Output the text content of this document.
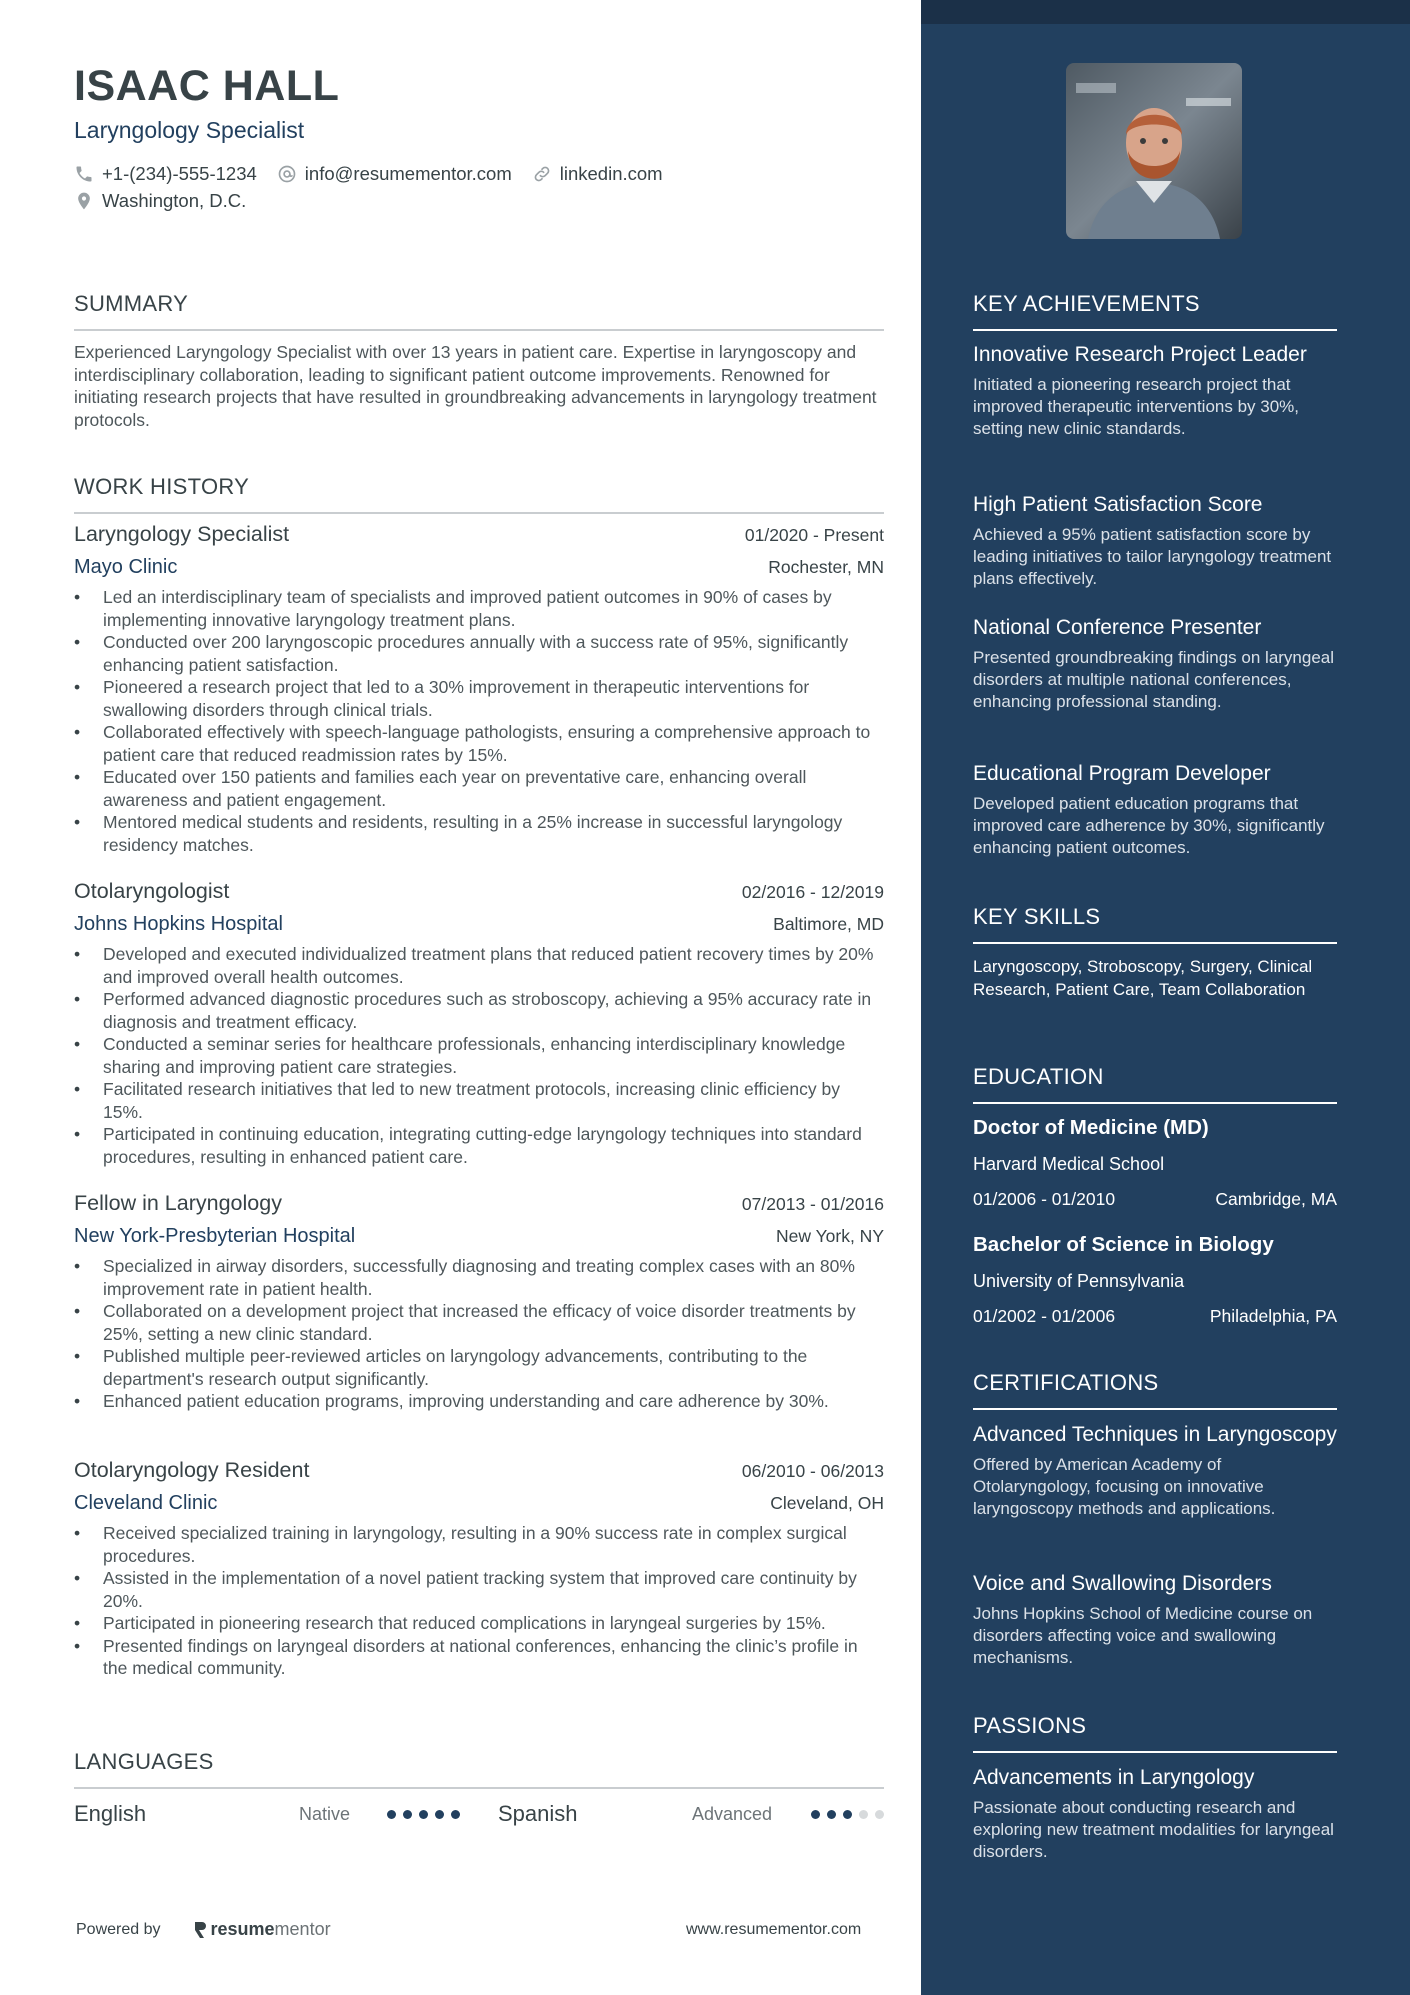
ISAAC HALL
Laryngology Specialist
+1-(234)-555-1234	info@resumementor.com	linkedin.com
Washington, D.C.
SUMMARY
Experienced Laryngology Specialist with over 13 years in patient care. Expertise in laryngoscopy and interdisciplinary collaboration, leading to significant patient outcome improvements. Renowned for initiating research projects that have resulted in groundbreaking advancements in laryngology treatment protocols.
WORK HISTORY
Laryngology Specialist	01/2020 - Present
Mayo Clinic	Rochester, MN
• Led an interdisciplinary team of specialists and improved patient outcomes in 90% of cases by implementing innovative laryngology treatment plans.
• Conducted over 200 laryngoscopic procedures annually with a success rate of 95%, significantly enhancing patient satisfaction.
• Pioneered a research project that led to a 30% improvement in therapeutic interventions for swallowing disorders through clinical trials.
• Collaborated effectively with speech-language pathologists, ensuring a comprehensive approach to patient care that reduced readmission rates by 15%.
• Educated over 150 patients and families each year on preventative care, enhancing overall awareness and patient engagement.
• Mentored medical students and residents, resulting in a 25% increase in successful laryngology residency matches.
Otolaryngologist	02/2016 - 12/2019
Johns Hopkins Hospital	Baltimore, MD
• Developed and executed individualized treatment plans that reduced patient recovery times by 20% and improved overall health outcomes.
• Performed advanced diagnostic procedures such as stroboscopy, achieving a 95% accuracy rate in diagnosis and treatment efficacy.
• Conducted a seminar series for healthcare professionals, enhancing interdisciplinary knowledge sharing and improving patient care strategies.
• Facilitated research initiatives that led to new treatment protocols, increasing clinic efficiency by 15%.
• Participated in continuing education, integrating cutting-edge laryngology techniques into standard procedures, resulting in enhanced patient care.
Fellow in Laryngology	07/2013 - 01/2016
New York-Presbyterian Hospital	New York, NY
• Specialized in airway disorders, successfully diagnosing and treating complex cases with an 80% improvement rate in patient health.
• Collaborated on a development project that increased the efficacy of voice disorder treatments by 25%, setting a new clinic standard.
• Published multiple peer-reviewed articles on laryngology advancements, contributing to the department's research output significantly.
• Enhanced patient education programs, improving understanding and care adherence by 30%.
Otolaryngology Resident	06/2010 - 06/2013
Cleveland Clinic	Cleveland, OH
• Received specialized training in laryngology, resulting in a 90% success rate in complex surgical procedures.
• Assisted in the implementation of a novel patient tracking system that improved care continuity by 20%.
• Participated in pioneering research that reduced complications in laryngeal surgeries by 15%.
• Presented findings on laryngeal disorders at national conferences, enhancing the clinic’s profile in the medical community.
LANGUAGES
English	Native	Spanish	Advanced
Powered by	resume mentor	www.resumementor.com
KEY ACHIEVEMENTS
Innovative Research Project Leader
Initiated a pioneering research project that improved therapeutic interventions by 30%, setting new clinic standards.
High Patient Satisfaction Score
Achieved a 95% patient satisfaction score by leading initiatives to tailor laryngology treatment plans effectively.
National Conference Presenter
Presented groundbreaking findings on laryngeal disorders at multiple national conferences, enhancing professional standing.
Educational Program Developer
Developed patient education programs that improved care adherence by 30%, significantly enhancing patient outcomes.
KEY SKILLS
Laryngoscopy, Stroboscopy, Surgery, Clinical Research, Patient Care, Team Collaboration
EDUCATION
Doctor of Medicine (MD)
Harvard Medical School
01/2006 - 01/2010	Cambridge, MA
Bachelor of Science in Biology
University of Pennsylvania
01/2002 - 01/2006	Philadelphia, PA
CERTIFICATIONS
Advanced Techniques in Laryngoscopy
Offered by American Academy of Otolaryngology, focusing on innovative laryngoscopy methods and applications.
Voice and Swallowing Disorders
Johns Hopkins School of Medicine course on disorders affecting voice and swallowing mechanisms.
PASSIONS
Advancements in Laryngology
Passionate about conducting research and exploring new treatment modalities for laryngeal disorders.
